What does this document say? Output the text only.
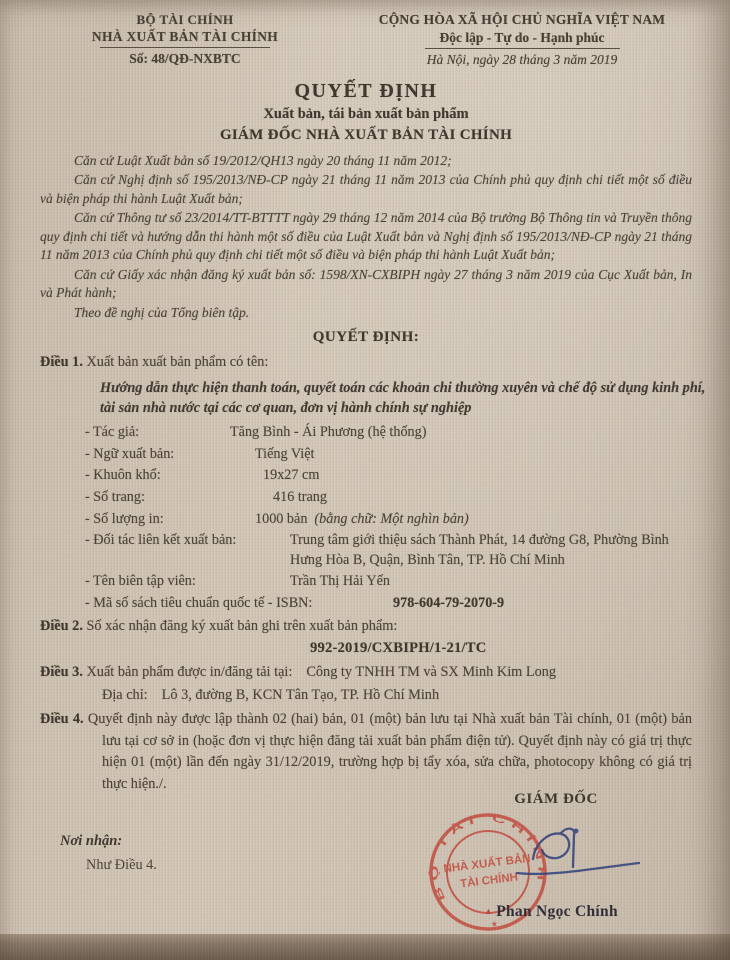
BỘ TÀI CHÍNH
NHÀ XUẤT BẢN TÀI CHÍNH
Số: 48/QĐ-NXBTC
CỘNG HÒA XÃ HỘI CHỦ NGHĨA VIỆT NAM
Độc lập - Tự do - Hạnh phúc
Hà Nội, ngày 28 tháng 3 năm 2019
QUYẾT ĐỊNH
Xuất bản, tái bản xuất bản phẩm
GIÁM ĐỐC NHÀ XUẤT BẢN TÀI CHÍNH

Căn cứ Luật Xuất bản số 19/2012/QH13 ngày 20 tháng 11 năm 2012;

Căn cứ Nghị định số 195/2013/NĐ-CP ngày 21 tháng 11 năm 2013 của Chính phủ quy định chi tiết một số điều và biện pháp thi hành Luật Xuất bản;

Căn cứ Thông tư số 23/2014/TT-BTTTT ngày 29 tháng 12 năm 2014 của Bộ trưởng Bộ Thông tin và Truyền thông quy định chi tiết và hướng dẫn thi hành một số điều của Luật Xuất bản và Nghị định số 195/2013/NĐ-CP ngày 21 tháng 11 năm 2013 của Chính phủ quy định chi tiết một số điều và biện pháp thi hành Luật Xuất bản;

Căn cứ Giấy xác nhận đăng ký xuất bản số: 1598/XN-CXBIPH ngày 27 tháng 3 năm 2019 của Cục Xuất bản, In và Phát hành;

Theo đề nghị của Tổng biên tập.

QUYẾT ĐỊNH:

Điều 1. Xuất bản xuất bản phẩm có tên:

Hướng dẫn thực hiện thanh toán, quyết toán các khoản chi thường xuyên và chế độ sử dụng kinh phí, tài sản nhà nước tại các cơ quan, đơn vị hành chính sự nghiệp
- Tác giả:	Tăng Bình - Ái Phương (hệ thống)
- Ngữ xuất bản:	Tiếng Việt
- Khuôn khổ:	19x27 cm
- Số trang:	416 trang
- Số lượng in:	1000 bản (bằng chữ: Một nghìn bản)
- Đối tác liên kết xuất bản:	Trung tâm giới thiệu sách Thành Phát, 14 đường G8, Phường Bình Hưng Hòa B, Quận, Bình Tân, TP. Hồ Chí Minh
- Tên biên tập viên:	Trần Thị Hải Yến
- Mã số sách tiêu chuẩn quốc tế - ISBN:	978-604-79-2070-9

Điều 2. Số xác nhận đăng ký xuất bản ghi trên xuất bản phẩm:

992-2019/CXBIPH/1-21/TC

Điều 3. Xuất bản phẩm được in/đăng tải tại: Công ty TNHH TM và SX Minh Kim Long

Địa chỉ: Lô 3, đường B, KCN Tân Tạo, TP. Hồ Chí Minh

Điều 4. Quyết định này được lập thành 02 (hai) bản, 01 (một) bản lưu tại Nhà xuất bản Tài chính, 01 (một) bản lưu tại cơ sở in (hoặc đơn vị thực hiện đăng tải xuất bản phẩm điện tử). Quyết định này có giá trị thực hiện 01 (một) lần đến ngày 31/12/2019, trường hợp bị tẩy xóa, sửa chữa, photocopy không có giá trị thực hiện./.

GIÁM ĐỐC
Nơi nhận:
Như Điều 4.
BỘ TÀI CHÍNH
NHÀ XUẤT BẢN
TÀI CHÍNH
★
▲ Phan Ngọc Chính
